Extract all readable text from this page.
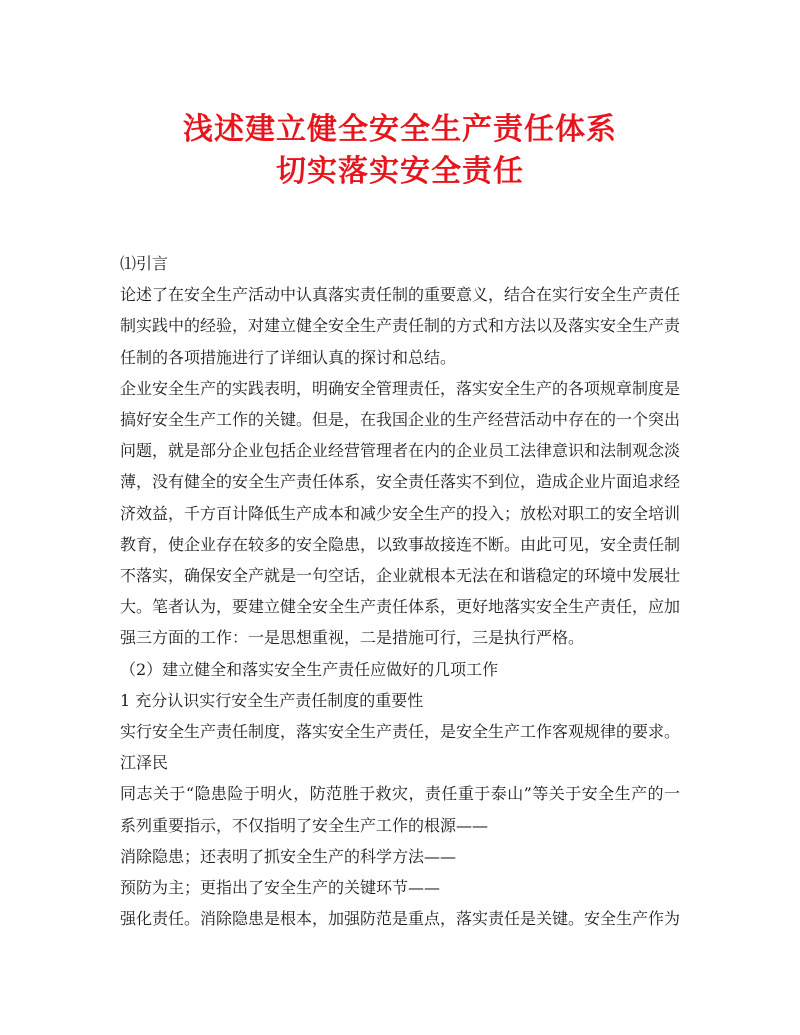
浅述建立健全安全生产责任体系
切实落实安全责任

⑴引言

论述了在安全生产活动中认真落实责任制的重要意义，结合在实行安全生产责任制实践中的经验，对建立健全安全生产责任制的方式和方法以及落实安全生产责任制的各项措施进行了详细认真的探讨和总结。

企业安全生产的实践表明，明确安全管理责任，落实安全生产的各项规章制度是搞好安全生产工作的关键。但是，在我国企业的生产经营活动中存在的一个突出问题，就是部分企业包括企业经营管理者在内的企业员工法律意识和法制观念淡薄，没有健全的安全生产责任体系，安全责任落实不到位，造成企业片面追求经济效益，千方百计降低生产成本和减少安全生产的投入；放松对职工的安全培训教育，使企业存在较多的安全隐患，以致事故接连不断。由此可见，安全责任制不落实，确保安全产就是一句空话，企业就根本无法在和谐稳定的环境中发展壮大。笔者认为，要建立健全安全生产责任体系，更好地落实安全生产责任，应加强三方面的工作：一是思想重视，二是措施可行，三是执行严格。

（2）建立健全和落实安全生产责任应做好的几项工作

1 充分认识实行安全生产责任制度的重要性

实行安全生产责任制度，落实安全生产责任，是安全生产工作客观规律的要求。

江泽民

同志关于“隐患险于明火，防范胜于救灾，责任重于泰山”等关于安全生产的一系列重要指示，不仅指明了安全生产工作的根源——

消除隐患；还表明了抓安全生产的科学方法——

预防为主；更指出了安全生产的关键环节——

强化责任。消除隐患是根本，加强防范是重点，落实责任是关键。安全生产作为
